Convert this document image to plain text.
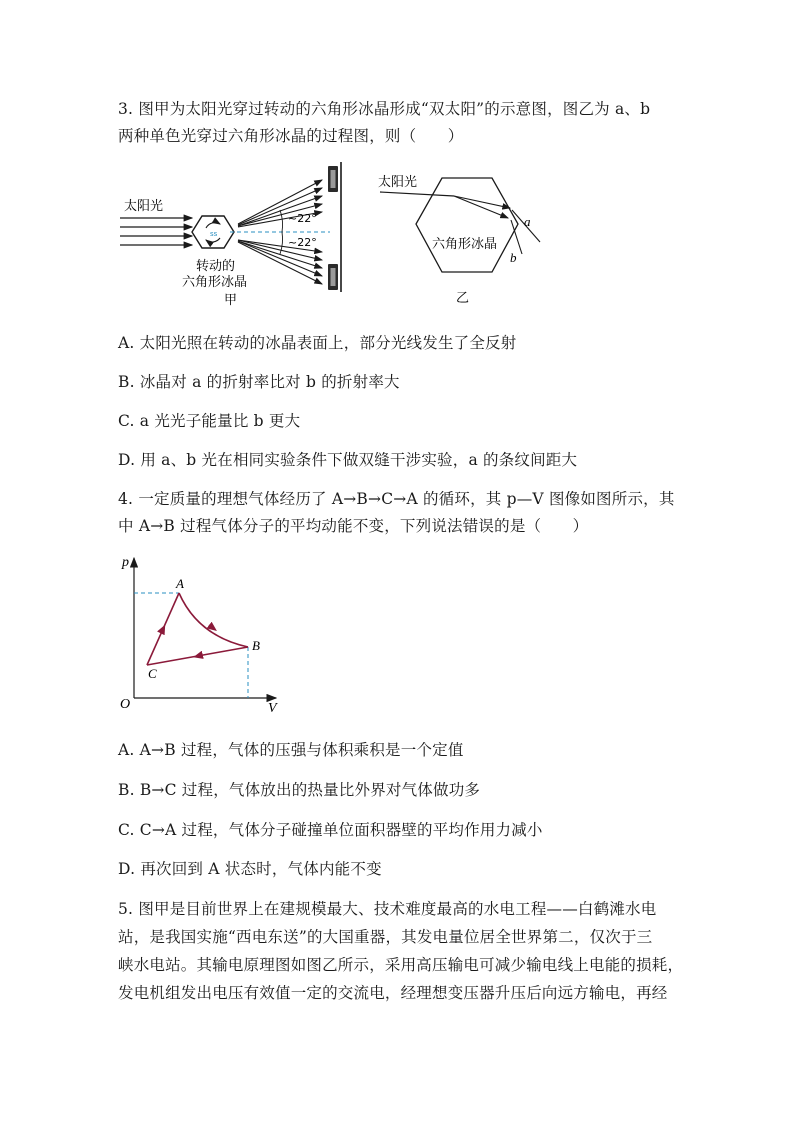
3. 图甲为太阳光穿过转动的六角形冰晶形成“双太阳”的示意图，图乙为 a、b
两种单色光穿过六角形冰晶的过程图，则（　　）
太阳光
ss
~22°
~22°
转动的
六角形冰晶
甲
太阳光
a
b
六角形冰晶
乙
A. 太阳光照在转动的冰晶表面上，部分光线发生了全反射
B. 冰晶对 a 的折射率比对 b 的折射率大
C. a 光光子能量比 b 更大
D. 用 a、b 光在相同实验条件下做双缝干涉实验，a 的条纹间距大
4. 一定质量的理想气体经历了 A→B→C→A 的循环，其 p—V 图像如图所示，其
中 A→B 过程气体分子的平均动能不变，下列说法错误的是（　　）
p
V
O
A
B
C
A. A→B 过程，气体的压强与体积乘积是一个定值
B. B→C 过程，气体放出的热量比外界对气体做功多
C. C→A 过程，气体分子碰撞单位面积器壁的平均作用力减小
D. 再次回到 A 状态时，气体内能不变
5. 图甲是目前世界上在建规模最大、技术难度最高的水电工程——白鹤滩水电
站，是我国实施“西电东送”的大国重器，其发电量位居全世界第二，仅次于三
峡水电站。其输电原理图如图乙所示，采用高压输电可减少输电线上电能的损耗，
发电机组发出电压有效值一定的交流电，经理想变压器升压后向远方输电，再经
